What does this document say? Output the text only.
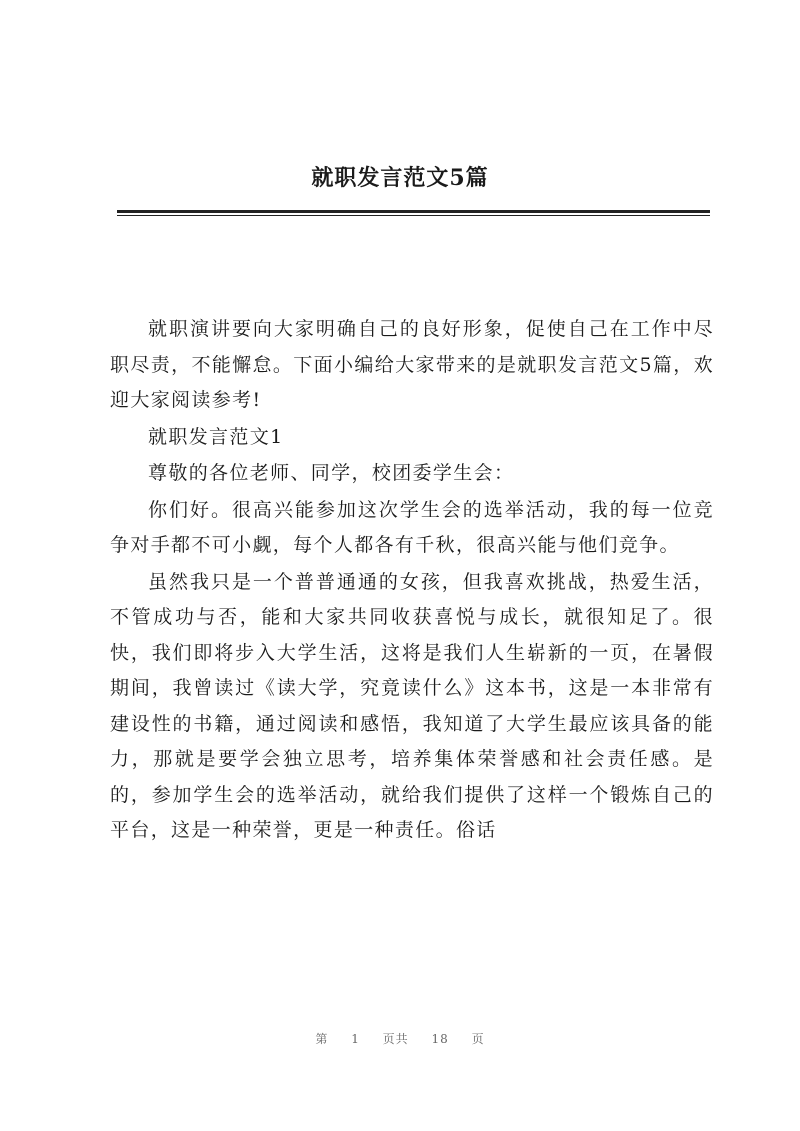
就职发言范文5篇

就职演讲要向大家明确自己的良好形象，促使自己在工作中尽职尽责，不能懈怠。下面小编给大家带来的是就职发言范文5篇，欢迎大家阅读参考!

就职发言范文1

尊敬的各位老师、同学，校团委学生会：

你们好。很高兴能参加这次学生会的选举活动，我的每一位竞争对手都不可小觑，每个人都各有千秋，很高兴能与他们竞争。

虽然我只是一个普普通通的女孩，但我喜欢挑战，热爱生活，不管成功与否，能和大家共同收获喜悦与成长，就很知足了。很快，我们即将步入大学生活，这将是我们人生崭新的一页，在暑假期间，我曾读过《读大学，究竟读什么》这本书，这是一本非常有建设性的书籍，通过阅读和感悟，我知道了大学生最应该具备的能力，那就是要学会独立思考，培养集体荣誉感和社会责任感。是的，参加学生会的选举活动，就给我们提供了这样一个锻炼自己的平台，这是一种荣誉，更是一种责任。俗话

第 1 页共 18 页
